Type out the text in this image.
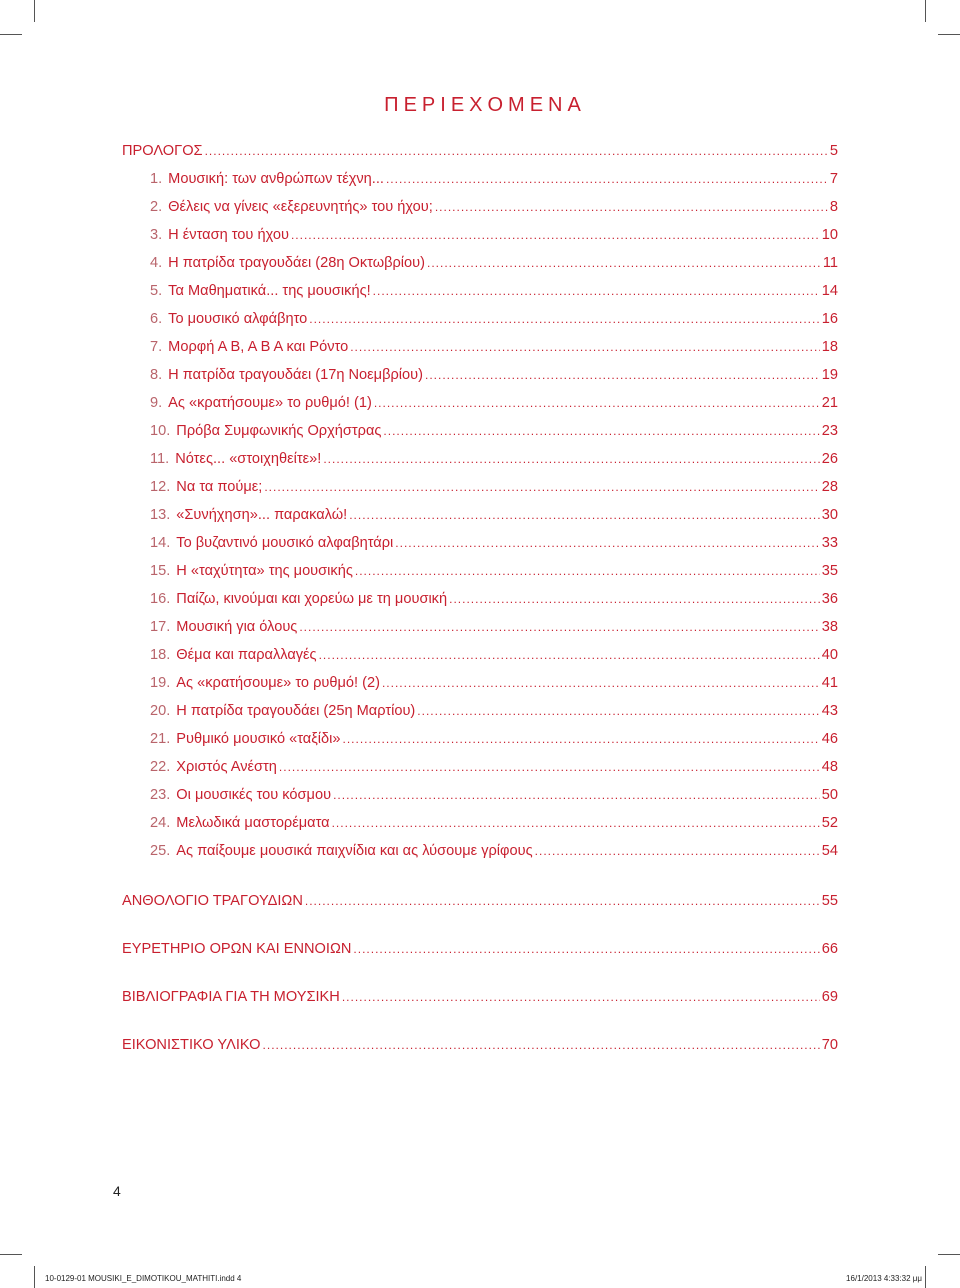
ΠΕΡΙΕΧΟΜΕΝΑ
ΠΡΟΛΟΓΟΣ .....	5
1. Μουσική: των ανθρώπων τέχνη... .....	7
2. Θέλεις να γίνεις «εξερευνητής» του ήχου; .....	8
3. Η ένταση του ήχου .....	10
4. Η πατρίδα τραγουδάει (28η Οκτωβρίου) .....	11
5. Τα Μαθηματικά... της μουσικής! .....	14
6. Το μουσικό αλφάβητο .....	16
7. Μορφή Α Β, Α Β Α και Ρόντο .....	18
8. Η πατρίδα τραγουδάει (17η Νοεμβρίου) .....	19
9. Ας «κρατήσουμε» το ρυθμό! (1) .....	21
10. Πρόβα Συμφωνικής Ορχήστρας .....	23
11. Νότες... «στοιχηθείτε»! .....	26
12. Να τα πούμε; .....	28
13. «Συνήχηση»... παρακαλώ! .....	30
14. Το βυζαντινό μουσικό αλφαβητάρι .....	33
15. Η «ταχύτητα» της μουσικής .....	35
16. Παίζω, κινούμαι και χορεύω με τη μουσική .....	36
17. Μουσική για όλους .....	38
18. Θέμα και παραλλαγές .....	40
19. Ας «κρατήσουμε» το ρυθμό! (2) .....	41
20. Η πατρίδα τραγουδάει (25η Μαρτίου) .....	43
21. Ρυθμικό μουσικό «ταξίδι» .....	46
22. Χριστός Ανέστη .....	48
23. Οι μουσικές του κόσμου .....	50
24. Μελωδικά μαστορέματα .....	52
25. Ας παίξουμε μουσικά παιχνίδια και ας λύσουμε γρίφους .....	54
ΑΝΘΟΛΟΓΙΟ ΤΡΑΓΟΥΔΙΩΝ .....	55
ΕΥΡΕΤΗΡΙΟ ΟΡΩΝ ΚΑΙ ΕΝΝΟΙΩΝ .....	66
ΒΙΒΛΙΟΓΡΑΦΙΑ ΓΙΑ ΤΗ ΜΟΥΣΙΚΗ .....	69
ΕΙΚΟΝΙΣΤΙΚΟ ΥΛΙΚΟ .....	70
4
10-0129-01 MOUSIKI_E_DIMOTIKOU_MATHITI.indd 4	16/1/2013 4:33:32 μμ
